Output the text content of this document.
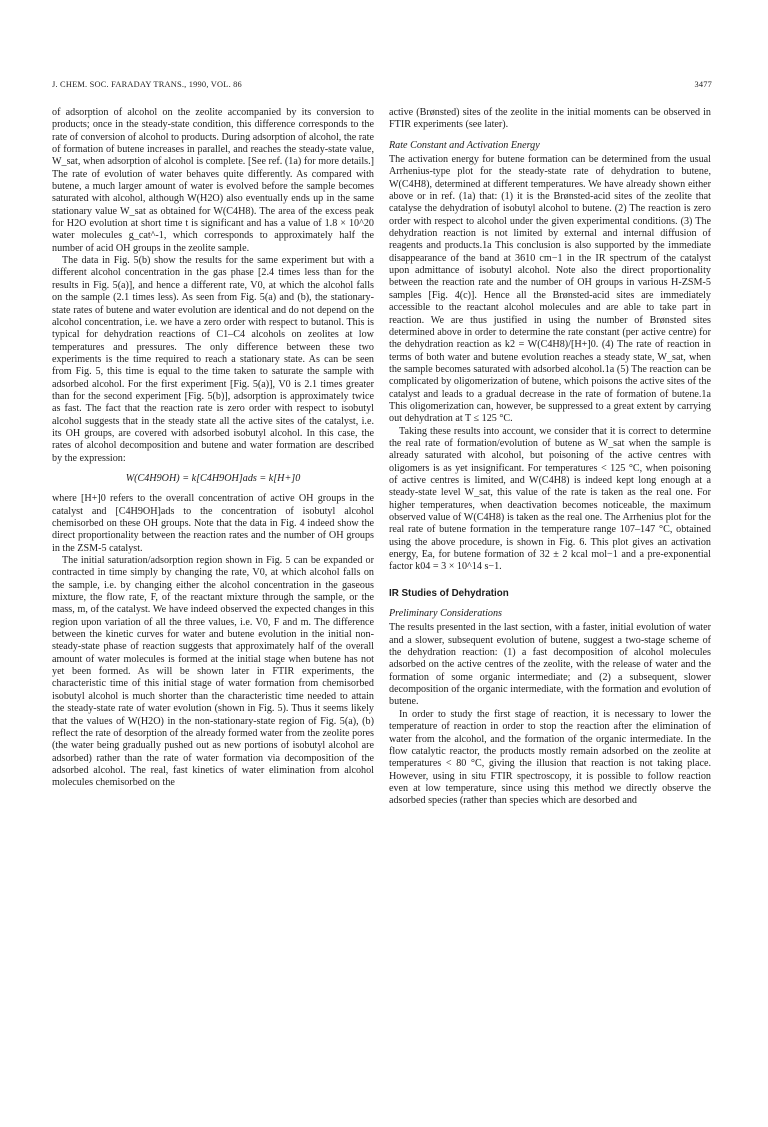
J. CHEM. SOC. FARADAY TRANS., 1990, VOL. 86	3477

of adsorption of alcohol on the zeolite accompanied by its conversion to products; once in the steady-state condition, this difference corresponds to the rate of conversion of alcohol to products. During adsorption of alcohol, the rate of formation of butene increases in parallel, and reaches the steady-state value, W_sat, when adsorption of alcohol is complete. [See ref. (1a) for more details.] The rate of evolution of water behaves quite differently. As compared with butene, a much larger amount of water is evolved before the sample becomes saturated with alcohol, although W(H2O) also eventually ends up in the same stationary value W_sat as obtained for W(C4H8). The area of the excess peak for H2O evolution at short time t is significant and has a value of 1.8 × 10^20 water molecules g_cat^-1, which corresponds to approximately half the number of acid OH groups in the zeolite sample.

The data in Fig. 5(b) show the results for the same experiment but with a different alcohol concentration in the gas phase [2.4 times less than for the results in Fig. 5(a)], and hence a different rate, V0, at which the alcohol falls on the sample (2.1 times less). As seen from Fig. 5(a) and (b), the stationary-state rates of butene and water evolution are identical and do not depend on the alcohol concentration, i.e. we have a zero order with respect to butanol. This is typical for dehydration reactions of C1–C4 alcohols on zeolites at low temperatures and pressures. The only difference between these two experiments is the time required to reach a stationary state. As can be seen from Fig. 5, this time is equal to the time taken to saturate the sample with adsorbed alcohol. For the first experiment [Fig. 5(a)], V0 is 2.1 times greater than for the second experiment [Fig. 5(b)], adsorption is approximately twice as fast. The fact that the reaction rate is zero order with respect to isobutyl alcohol suggests that in the steady state all the active sites of the catalyst, i.e. its OH groups, are covered with adsorbed isobutyl alcohol. In this case, the rates of alcohol decomposition and butene and water formation are described by the expression:

W(C4H9OH) = k[C4H9OH]ads = k[H+]0

where [H+]0 refers to the overall concentration of active OH groups in the catalyst and [C4H9OH]ads to the concentration of isobutyl alcohol chemisorbed on these OH groups. Note that the data in Fig. 4 indeed show the direct proportionality between the reaction rates and the number of OH groups in the ZSM-5 catalyst.

The initial saturation/adsorption region shown in Fig. 5 can be expanded or contracted in time simply by changing the rate, V0, at which alcohol falls on the sample, i.e. by changing either the alcohol concentration in the gaseous mixture, the flow rate, F, of the reactant mixture through the sample, or the mass, m, of the catalyst. We have indeed observed the expected changes in this region upon variation of all the three values, i.e. V0, F and m. The difference between the kinetic curves for water and butene evolution in the initial non-steady-state phase of reaction suggests that approximately half of the overall amount of water molecules is formed at the initial stage when butene has not yet been formed. As will be shown later in FTIR experiments, the characteristic time of this initial stage of water formation from chemisorbed isobutyl alcohol is much shorter than the characteristic time needed to attain the steady-state rate of water evolution (shown in Fig. 5). Thus it seems likely that the values of W(H2O) in the non-stationary-state region of Fig. 5(a), (b) reflect the rate of desorption of the already formed water from the zeolite pores (the water being gradually pushed out as new portions of isobutyl alcohol are adsorbed) rather than the rate of water formation via decomposition of the adsorbed alcohol. The real, fast kinetics of water elimination from alcohol molecules chemisorbed on the

active (Brønsted) sites of the zeolite in the initial moments can be observed in FTIR experiments (see later).

Rate Constant and Activation Energy

The activation energy for butene formation can be determined from the usual Arrhenius-type plot for the steady-state rate of dehydration to butene, W(C4H8), determined at different temperatures. We have already shown either above or in ref. (1a) that: (1) it is the Brønsted-acid sites of the zeolite that catalyse the dehydration of isobutyl alcohol to butene. (2) The reaction is zero order with respect to alcohol under the given experimental conditions. (3) The dehydration reaction is not limited by external and internal diffusion of reagents and products.1a This conclusion is also supported by the immediate disappearance of the band at 3610 cm−1 in the IR spectrum of the catalyst upon admittance of isobutyl alcohol. Note also the direct proportionality between the reaction rate and the number of OH groups in various H-ZSM-5 samples [Fig. 4(c)]. Hence all the Brønsted-acid sites are immediately accessible to the reactant alcohol molecules and are able to take part in reaction. We are thus justified in using the number of Brønsted sites determined above in order to determine the rate constant (per active centre) for the dehydration reaction as k2 = W(C4H8)/[H+]0. (4) The rate of reaction in terms of both water and butene evolution reaches a steady state, W_sat, when the sample becomes saturated with adsorbed alcohol.1a (5) The reaction can be complicated by oligomerization of butene, which poisons the active sites of the catalyst and leads to a gradual decrease in the rate of formation of butene.1a This oligomerization can, however, be suppressed to a great extent by carrying out dehydration at T ≤ 125 °C.

Taking these results into account, we consider that it is correct to determine the real rate of formation/evolution of butene as W_sat when the sample is already saturated with alcohol, but poisoning of the active centres with oligomers is as yet insignificant. For temperatures < 125 °C, when poisoning of active centres is limited, and W(C4H8) is indeed kept long enough at a steady-state level W_sat, this value of the rate is taken as the real one. For higher temperatures, when deactivation becomes noticeable, the maximum observed value of W(C4H8) is taken as the real one. The Arrhenius plot for the real rate of butene formation in the temperature range 107–147 °C, obtained using the above procedure, is shown in Fig. 6. This plot gives an activation energy, Ea, for butene formation of 32 ± 2 kcal mol−1 and a pre-exponential factor k04 = 3 × 10^14 s−1.

IR Studies of Dehydration
Preliminary Considerations

The results presented in the last section, with a faster, initial evolution of water and a slower, subsequent evolution of butene, suggest a two-stage scheme of the dehydration reaction: (1) a fast decomposition of alcohol molecules adsorbed on the active centres of the zeolite, with the release of water and the formation of some organic intermediate; and (2) a subsequent, slower decomposition of the organic intermediate, with the formation and evolution of butene.

In order to study the first stage of reaction, it is necessary to lower the temperature of reaction in order to stop the reaction after the elimination of water from the alcohol, and the formation of the organic intermediate. In the flow catalytic reactor, the products mostly remain adsorbed on the zeolite at temperatures < 80 °C, giving the illusion that reaction is not taking place. However, using in situ FTIR spectroscopy, it is possible to follow reaction even at low temperature, since using this method we directly observe the adsorbed species (rather than species which are desorbed and
